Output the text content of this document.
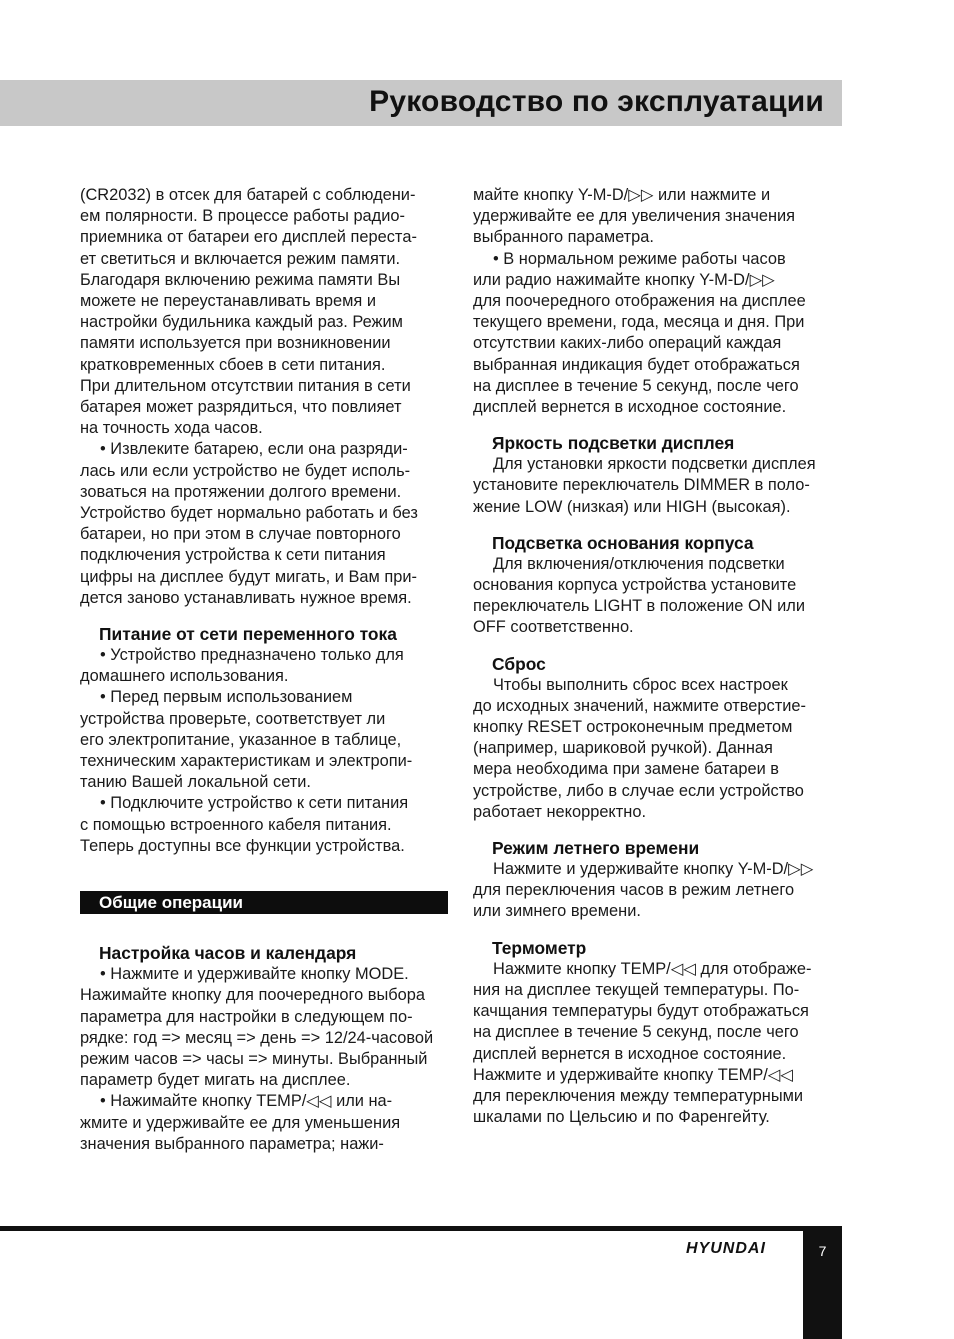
Руководство по эксплуатации
(CR2032) в отсек для батарей с соблюдени-
ем полярности. В процессе работы радио-
приемника от батареи его дисплей перестa-
ет светиться и включается режим памяти.
Благодаря включению режима памяти Вы
можете не переустанавливать время и
настройки будильника каждый раз. Режим
памяти используется при возникновении
кратковременных сбоев в сети питания.
При длительном отсутствии питания в сети
батарея может разрядиться, что повлияет
на точность хода часов.
• Извлеките батарею, если она разряди-
лась или если устройство не будет исполь-
зоваться на протяжении долгого времени.
Устройство будет нормально работать и без
батареи, но при этом в случае повторного
подключения устройства к сети питания
цифры на дисплее будут мигать, и Вам при-
дется заново устанавливать нужное время.
Питание от сети переменного тока
• Устройство предназначено только для
домашнего использования.
• Перед первым использованием
устройства проверьте, соответствует ли
его электропитание, указанное в таблице,
техническим характеристикам и электропи-
танию Вашей локальной сети.
• Подключите устройство к сети питания
с помощью встроенного кабеля питания.
Теперь доступны все функции устройства.
Общие операции
Настройка часов и календаря
• Нажмите и удерживайте кнопку MODE.
Нажимайте кнопку для поочередного выбора
параметра для настройки в следующем по-
рядке: год => месяц => день => 12/24-часовой
режим часов => часы => минуты. Выбранный
параметр будет мигать на дисплее.
• Нажимайте кнопку TEMP/◁◁ или на-
жмите и удерживайте ее для уменьшения
значения выбранного параметра; нажи-
майте кнопку Y-M-D/▷▷ или нажмите и
удерживайте ее для увеличения значения
выбранного параметра.
• В нормальном режиме работы часов
или радио нажимайте кнопку Y-M-D/▷▷
для поочередного отображения на дисплее
текущего времени, года, месяца и дня. При
отсутствии каких-либо операций каждая
выбранная индикация будет отображаться
на дисплее в течение 5 секунд, после чего
дисплей вернется в исходное состояние.
Яркость подсветки дисплея
Для установки яркости подсветки дисплея
установите переключатель DIMMER в поло-
жение LOW (низкая) или HIGH (высокая).
Подсветка основания корпуса
Для включения/отключения подсветки
основания корпуса устройства установите
переключатель LIGHT в положение ON или
OFF соответственно.
Сброс
Чтобы выполнить сброс всех настроек
до исходных значений, нажмите отверстие-
кнопку RESET остроконечным предметом
(например, шариковой ручкой). Данная
мера необходима при замене батареи в
устройстве, либо в случае если устройство
работает некорректно.
Режим летнего времени
Нажмите и удерживайте кнопку Y-M-D/▷▷
для переключения часов в режим летнего
или зимнего времени.
Термометр
Нажмите кнопку TEMP/◁◁ для отображе-
ния на дисплее текущей температуры. По-
качщания температуры будут отображаться
на дисплее в течение 5 секунд, после чего
дисплей вернется в исходное состояние.
Нажмите и удерживайте кнопку TEMP/◁◁
для переключения между температурными
шкалами по Цельсию и по Фаренгейту.
HYUNDAI	7
